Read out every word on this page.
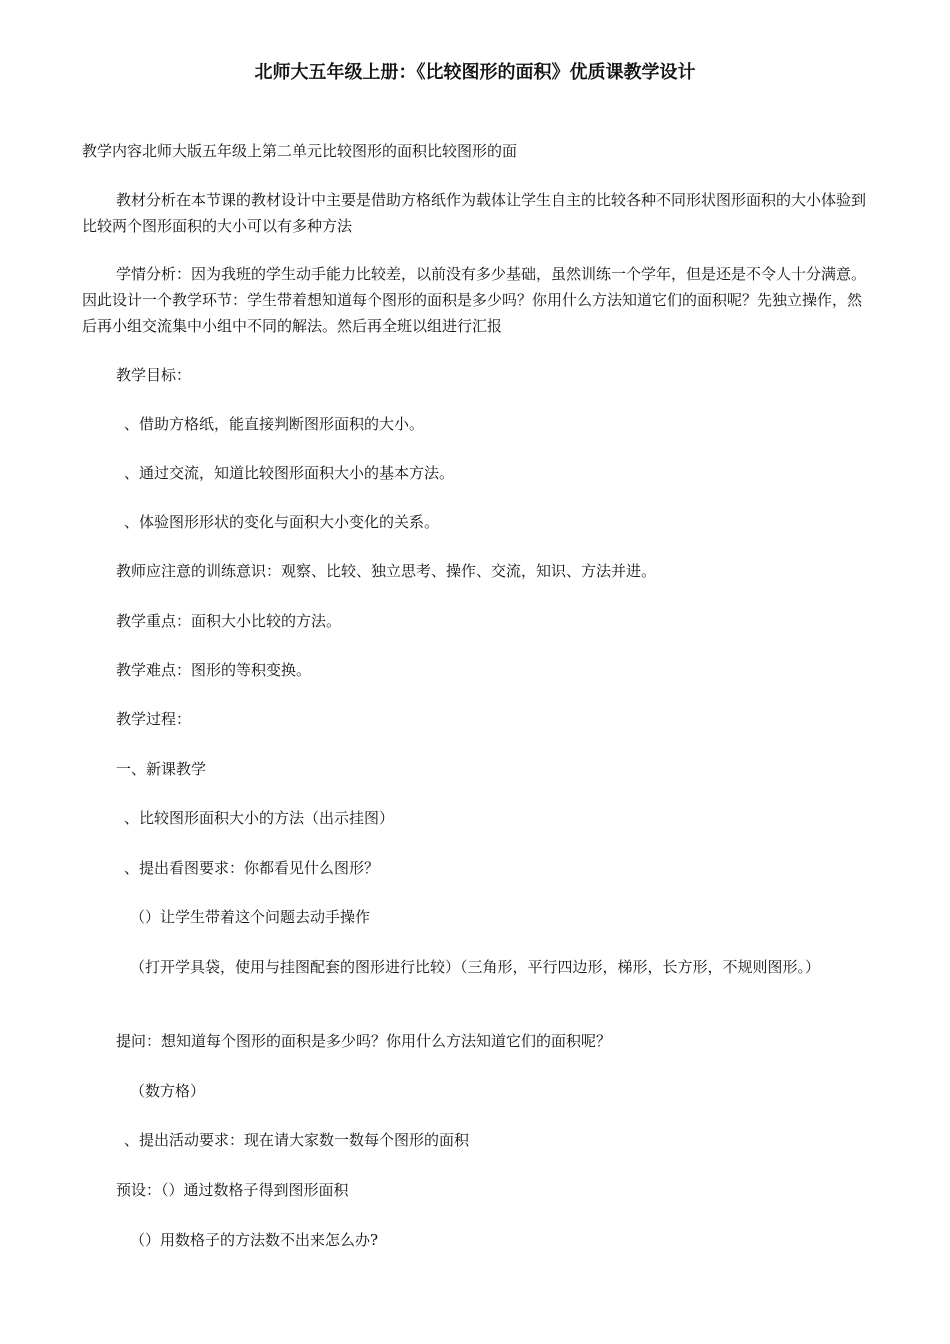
北师大五年级上册：《比较图形的面积》优质课教学设计

教学内容北师大版五年级上第二单元比较图形的面积比较图形的面

教材分析在本节课的教材设计中主要是借助方格纸作为载体让学生自主的比较各种不同形状图形面积的大小体验到比较两个图形面积的大小可以有多种方法

学情分析：因为我班的学生动手能力比较差，以前没有多少基础，虽然训练一个学年，但是还是不令人十分满意。因此设计一个教学环节：学生带着想知道每个图形的面积是多少吗？你用什么方法知道它们的面积呢？先独立操作，然后再小组交流集中小组中不同的解法。然后再全班以组进行汇报

教学目标：

、借助方格纸，能直接判断图形面积的大小。

、通过交流，知道比较图形面积大小的基本方法。

、体验图形形状的变化与面积大小变化的关系。

教师应注意的训练意识：观察、比较、独立思考、操作、交流，知识、方法并进。

教学重点：面积大小比较的方法。

教学难点：图形的等积变换。

教学过程：

一、新课教学

、比较图形面积大小的方法（出示挂图）

、提出看图要求：你都看见什么图形？

（）让学生带着这个问题去动手操作

（打开学具袋，使用与挂图配套的图形进行比较）（三角形，平行四边形，梯形，长方形，不规则图形。）

提问：想知道每个图形的面积是多少吗？你用什么方法知道它们的面积呢？

（数方格）

、提出活动要求：现在请大家数一数每个图形的面积

预设：（）通过数格子得到图形面积

（）用数格子的方法数不出来怎么办?
